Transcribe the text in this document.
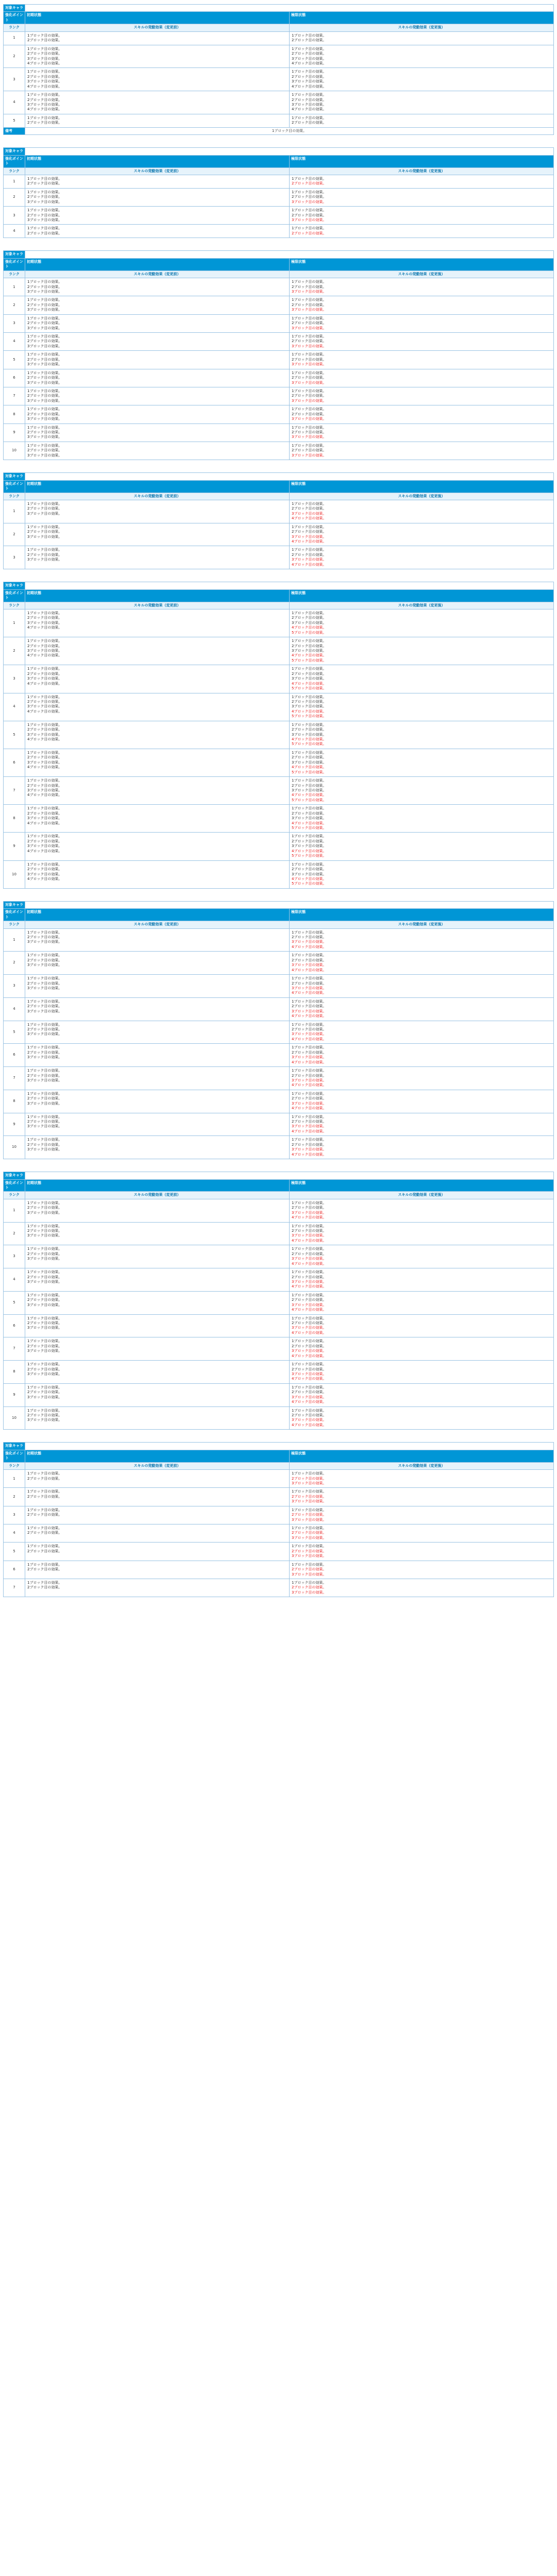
対象キャラ	刀	
強化ポイント	初期状態	極限状態
ランク	スキルの発動効果（変更前）	スキルの発動効果（変更後）
1	1ブロック目の効果。
2ブロック目の効果。	1ブロック目の効果。
2ブロック目の効果。

2	1ブロック目の効果。
2ブロック目の効果。
3ブロック目の効果。
4ブロック目の効果。	1ブロック目の効果。
2ブロック目の効果。
3ブロック目の効果。
4ブロック目の効果。

3	1ブロック目の効果。
2ブロック目の効果。
3ブロック目の効果。
4ブロック目の効果。	1ブロック目の効果。
2ブロック目の効果。
3ブロック目の効果。
4ブロック目の効果。

4	1ブロック目の効果。
2ブロック目の効果。
3ブロック目の効果。
4ブロック目の効果。	1ブロック目の効果。
2ブロック目の効果。
3ブロック目の効果。
4ブロック目の効果。

5	1ブロック目の効果。
2ブロック目の効果。	1ブロック目の効果。
2ブロック目の効果。

備考	1ブロック目の効果。	
対象キャラ	弓	
強化ポイント	初期状態	極限状態
ランク	スキルの発動効果（変更前）	スキルの発動効果（変更後）
1	1ブロック目の効果。
2ブロック目の効果。	1ブロック目の効果。
2ブロック目の効果。

2	1ブロック目の効果。
2ブロック目の効果。
3ブロック目の効果。	1ブロック目の効果。
2ブロック目の効果。
3ブロック目の効果。

3	1ブロック目の効果。
2ブロック目の効果。
3ブロック目の効果。	1ブロック目の効果。
2ブロック目の効果。
3ブロック目の効果。

4	1ブロック目の効果。
2ブロック目の効果。	1ブロック目の効果。
2ブロック目の効果。
対象キャラ	槍	
強化ポイント	初期状態	極限状態
ランク	スキルの発動効果（変更前）	スキルの発動効果（変更後）
1	1ブロック目の効果。
2ブロック目の効果。
3ブロック目の効果。	1ブロック目の効果。
2ブロック目の効果。
3ブロック目の効果。

2	1ブロック目の効果。
2ブロック目の効果。
3ブロック目の効果。	1ブロック目の効果。
2ブロック目の効果。
3ブロック目の効果。

3	1ブロック目の効果。
2ブロック目の効果。
3ブロック目の効果。	1ブロック目の効果。
2ブロック目の効果。
3ブロック目の効果。

4	1ブロック目の効果。
2ブロック目の効果。
3ブロック目の効果。	1ブロック目の効果。
2ブロック目の効果。
3ブロック目の効果。

5	1ブロック目の効果。
2ブロック目の効果。
3ブロック目の効果。	1ブロック目の効果。
2ブロック目の効果。
3ブロック目の効果。

6	1ブロック目の効果。
2ブロック目の効果。
3ブロック目の効果。	1ブロック目の効果。
2ブロック目の効果。
3ブロック目の効果。

7	1ブロック目の効果。
2ブロック目の効果。
3ブロック目の効果。	1ブロック目の効果。
2ブロック目の効果。
3ブロック目の効果。

8	1ブロック目の効果。
2ブロック目の効果。
3ブロック目の効果。	1ブロック目の効果。
2ブロック目の効果。
3ブロック目の効果。

9	1ブロック目の効果。
2ブロック目の効果。
3ブロック目の効果。	1ブロック目の効果。
2ブロック目の効果。
3ブロック目の効果。

10	1ブロック目の効果。
2ブロック目の効果。
3ブロック目の効果。	1ブロック目の効果。
2ブロック目の効果。
3ブロック目の効果。
対象キャラ	盾	
強化ポイント	初期状態	極限状態
ランク	スキルの発動効果（変更前）	スキルの発動効果（変更後）
1	1ブロック目の効果。
2ブロック目の効果。
3ブロック目の効果。	1ブロック目の効果。
2ブロック目の効果。
3ブロック目の効果。
4ブロック目の効果。

2	1ブロック目の効果。
2ブロック目の効果。
3ブロック目の効果。	1ブロック目の効果。
2ブロック目の効果。
3ブロック目の効果。
4ブロック目の効果。

3	1ブロック目の効果。
2ブロック目の効果。
3ブロック目の効果。	1ブロック目の効果。
2ブロック目の効果。
3ブロック目の効果。
4ブロック目の効果。
対象キャラ	杖	
強化ポイント	初期状態	極限状態
ランク	スキルの発動効果（変更前）	スキルの発動効果（変更後）
1	1ブロック目の効果。
2ブロック目の効果。
3ブロック目の効果。
4ブロック目の効果。	1ブロック目の効果。
2ブロック目の効果。
3ブロック目の効果。
4ブロック目の効果。
5ブロック目の効果。

2	1ブロック目の効果。
2ブロック目の効果。
3ブロック目の効果。
4ブロック目の効果。	1ブロック目の効果。
2ブロック目の効果。
3ブロック目の効果。
4ブロック目の効果。
5ブロック目の効果。

3	1ブロック目の効果。
2ブロック目の効果。
3ブロック目の効果。
4ブロック目の効果。	1ブロック目の効果。
2ブロック目の効果。
3ブロック目の効果。
4ブロック目の効果。
5ブロック目の効果。

4	1ブロック目の効果。
2ブロック目の効果。
3ブロック目の効果。
4ブロック目の効果。	1ブロック目の効果。
2ブロック目の効果。
3ブロック目の効果。
4ブロック目の効果。
5ブロック目の効果。

5	1ブロック目の効果。
2ブロック目の効果。
3ブロック目の効果。
4ブロック目の効果。	1ブロック目の効果。
2ブロック目の効果。
3ブロック目の効果。
4ブロック目の効果。
5ブロック目の効果。

6	1ブロック目の効果。
2ブロック目の効果。
3ブロック目の効果。
4ブロック目の効果。	1ブロック目の効果。
2ブロック目の効果。
3ブロック目の効果。
4ブロック目の効果。
5ブロック目の効果。

7	1ブロック目の効果。
2ブロック目の効果。
3ブロック目の効果。
4ブロック目の効果。	1ブロック目の効果。
2ブロック目の効果。
3ブロック目の効果。
4ブロック目の効果。
5ブロック目の効果。

8	1ブロック目の効果。
2ブロック目の効果。
3ブロック目の効果。
4ブロック目の効果。	1ブロック目の効果。
2ブロック目の効果。
3ブロック目の効果。
4ブロック目の効果。
5ブロック目の効果。

9	1ブロック目の効果。
2ブロック目の効果。
3ブロック目の効果。
4ブロック目の効果。	1ブロック目の効果。
2ブロック目の効果。
3ブロック目の効果。
4ブロック目の効果。
5ブロック目の効果。

10	1ブロック目の効果。
2ブロック目の効果。
3ブロック目の効果。
4ブロック目の効果。	1ブロック目の効果。
2ブロック目の効果。
3ブロック目の効果。
4ブロック目の効果。
5ブロック目の効果。
対象キャラ	銃	
強化ポイント	初期状態	極限状態
ランク	スキルの発動効果（変更前）	スキルの発動効果（変更後）
1	1ブロック目の効果。
2ブロック目の効果。
3ブロック目の効果。	1ブロック目の効果。
2ブロック目の効果。
3ブロック目の効果。
4ブロック目の効果。

2	1ブロック目の効果。
2ブロック目の効果。
3ブロック目の効果。	1ブロック目の効果。
2ブロック目の効果。
3ブロック目の効果。
4ブロック目の効果。

3	1ブロック目の効果。
2ブロック目の効果。
3ブロック目の効果。	1ブロック目の効果。
2ブロック目の効果。
3ブロック目の効果。
4ブロック目の効果。

4	1ブロック目の効果。
2ブロック目の効果。
3ブロック目の効果。	1ブロック目の効果。
2ブロック目の効果。
3ブロック目の効果。
4ブロック目の効果。

5	1ブロック目の効果。
2ブロック目の効果。
3ブロック目の効果。	1ブロック目の効果。
2ブロック目の効果。
3ブロック目の効果。
4ブロック目の効果。

6	1ブロック目の効果。
2ブロック目の効果。
3ブロック目の効果。	1ブロック目の効果。
2ブロック目の効果。
3ブロック目の効果。
4ブロック目の効果。

7	1ブロック目の効果。
2ブロック目の効果。
3ブロック目の効果。	1ブロック目の効果。
2ブロック目の効果。
3ブロック目の効果。
4ブロック目の効果。

8	1ブロック目の効果。
2ブロック目の効果。
3ブロック目の効果。	1ブロック目の効果。
2ブロック目の効果。
3ブロック目の効果。
4ブロック目の効果。

9	1ブロック目の効果。
2ブロック目の効果。
3ブロック目の効果。	1ブロック目の効果。
2ブロック目の効果。
3ブロック目の効果。
4ブロック目の効果。

10	1ブロック目の効果。
2ブロック目の効果。
3ブロック目の効果。	1ブロック目の効果。
2ブロック目の効果。
3ブロック目の効果。
4ブロック目の効果。
対象キャラ	拳	
強化ポイント	初期状態	極限状態
ランク	スキルの発動効果（変更前）	スキルの発動効果（変更後）
1	1ブロック目の効果。
2ブロック目の効果。
3ブロック目の効果。	1ブロック目の効果。
2ブロック目の効果。
3ブロック目の効果。
4ブロック目の効果。

2	1ブロック目の効果。
2ブロック目の効果。
3ブロック目の効果。	1ブロック目の効果。
2ブロック目の効果。
3ブロック目の効果。
4ブロック目の効果。

3	1ブロック目の効果。
2ブロック目の効果。
3ブロック目の効果。	1ブロック目の効果。
2ブロック目の効果。
3ブロック目の効果。
4ブロック目の効果。

4	1ブロック目の効果。
2ブロック目の効果。
3ブロック目の効果。	1ブロック目の効果。
2ブロック目の効果。
3ブロック目の効果。
4ブロック目の効果。

5	1ブロック目の効果。
2ブロック目の効果。
3ブロック目の効果。	1ブロック目の効果。
2ブロック目の効果。
3ブロック目の効果。
4ブロック目の効果。

6	1ブロック目の効果。
2ブロック目の効果。
3ブロック目の効果。	1ブロック目の効果。
2ブロック目の効果。
3ブロック目の効果。
4ブロック目の効果。

7	1ブロック目の効果。
2ブロック目の効果。
3ブロック目の効果。	1ブロック目の効果。
2ブロック目の効果。
3ブロック目の効果。
4ブロック目の効果。

8	1ブロック目の効果。
2ブロック目の効果。
3ブロック目の効果。	1ブロック目の効果。
2ブロック目の効果。
3ブロック目の効果。
4ブロック目の効果。

9	1ブロック目の効果。
2ブロック目の効果。
3ブロック目の効果。	1ブロック目の効果。
2ブロック目の効果。
3ブロック目の効果。
4ブロック目の効果。

10	1ブロック目の効果。
2ブロック目の効果。
3ブロック目の効果。	1ブロック目の効果。
2ブロック目の効果。
3ブロック目の効果。
4ブロック目の効果。
対象キャラ	書	
強化ポイント	初期状態	極限状態
ランク	スキルの発動効果（変更前）	スキルの発動効果（変更後）
1	1ブロック目の効果。
2ブロック目の効果。	1ブロック目の効果。
2ブロック目の効果。
3ブロック目の効果。

2	1ブロック目の効果。
2ブロック目の効果。	1ブロック目の効果。
2ブロック目の効果。
3ブロック目の効果。

3	1ブロック目の効果。
2ブロック目の効果。	1ブロック目の効果。
2ブロック目の効果。
3ブロック目の効果。

4	1ブロック目の効果。
2ブロック目の効果。	1ブロック目の効果。
2ブロック目の効果。
3ブロック目の効果。

5	1ブロック目の効果。
2ブロック目の効果。	1ブロック目の効果。
2ブロック目の効果。
3ブロック目の効果。

6	1ブロック目の効果。
2ブロック目の効果。	1ブロック目の効果。
2ブロック目の効果。
3ブロック目の効果。

7	1ブロック目の効果。
2ブロック目の効果。	1ブロック目の効果。
2ブロック目の効果。
3ブロック目の効果。
